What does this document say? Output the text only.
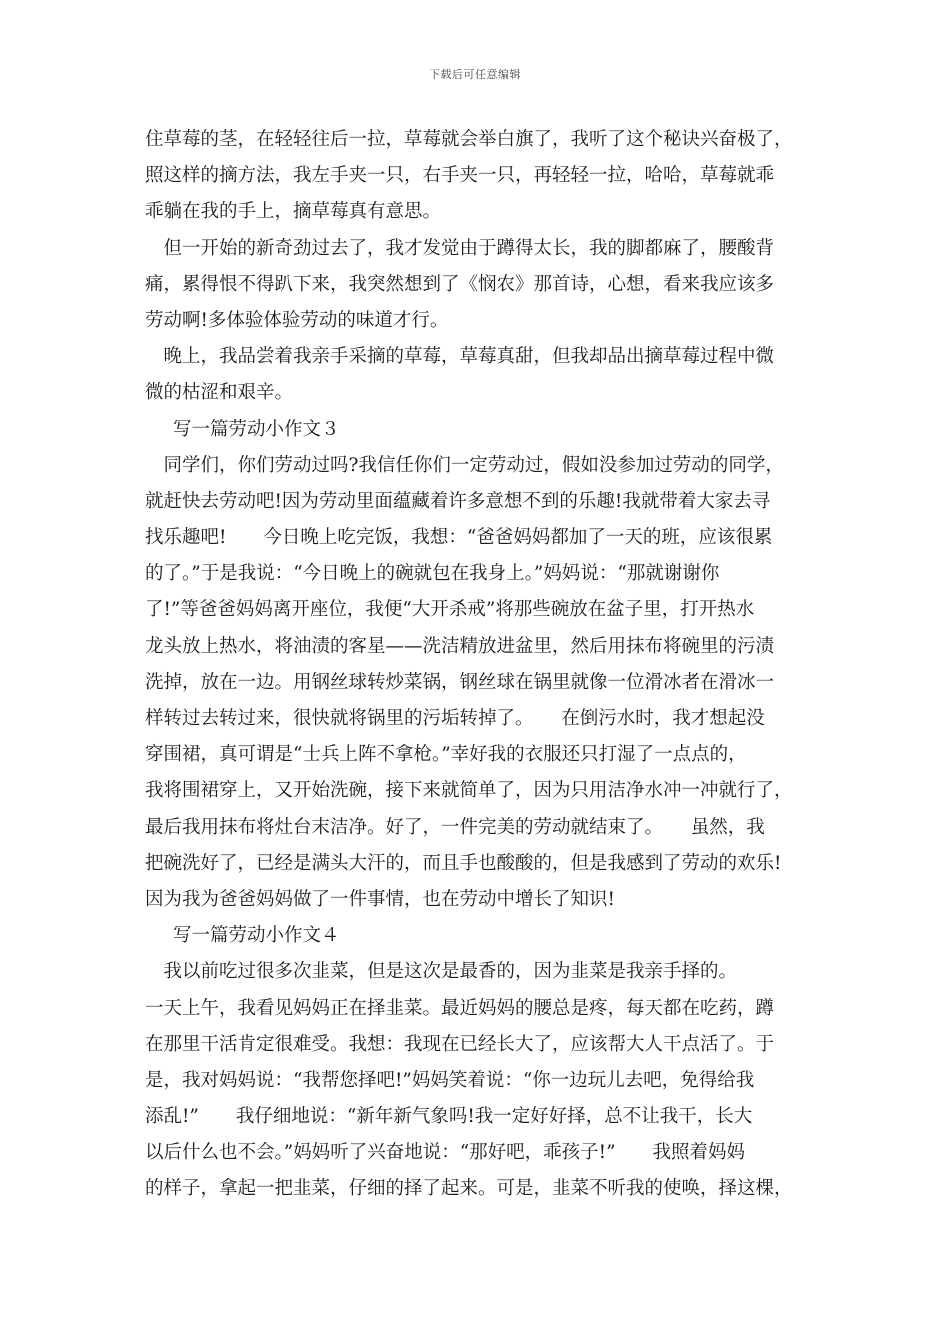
下载后可任意编辑
住草莓的茎，在轻轻往后一拉，草莓就会举白旗了，我听了这个秘诀兴奋极了，
照这样的摘方法，我左手夹一只，右手夹一只，再轻轻一拉，哈哈，草莓就乖
乖躺在我的手上，摘草莓真有意思。
　但一开始的新奇劲过去了，我才发觉由于蹲得太长，我的脚都麻了，腰酸背
痛，累得恨不得趴下来，我突然想到了《悯农》那首诗，心想，看来我应该多
劳动啊!多体验体验劳动的味道才行。
　晚上，我品尝着我亲手采摘的草莓，草莓真甜，但我却品出摘草莓过程中微
微的枯涩和艰辛。
写一篇劳动小作文３
　同学们，你们劳动过吗?我信任你们一定劳动过，假如没参加过劳动的同学，
就赶快去劳动吧!因为劳动里面蕴藏着许多意想不到的乐趣!我就带着大家去寻
找乐趣吧!　　今日晚上吃完饭，我想：“爸爸妈妈都加了一天的班，应该很累
的了。”于是我说：“今日晚上的碗就包在我身上。”妈妈说：“那就谢谢你
了!”等爸爸妈妈离开座位，我便“大开杀戒”将那些碗放在盆子里，打开热水
龙头放上热水，将油渍的客星——洗洁精放进盆里，然后用抹布将碗里的污渍
洗掉，放在一边。用钢丝球转炒菜锅，钢丝球在锅里就像一位滑冰者在滑冰一
样转过去转过来，很快就将锅里的污垢转掉了。　　在倒污水时，我才想起没
穿围裙，真可谓是“士兵上阵不拿枪。”幸好我的衣服还只打湿了一点点的，
我将围裙穿上，又开始洗碗，接下来就简单了，因为只用洁净水冲一冲就行了，
最后我用抹布将灶台末洁净。好了，一件完美的劳动就结束了。　　虽然，我
把碗洗好了，已经是满头大汗的，而且手也酸酸的，但是我感到了劳动的欢乐!
因为我为爸爸妈妈做了一件事情，也在劳动中增长了知识!
写一篇劳动小作文４
　我以前吃过很多次韭菜，但是这次是最香的，因为韭菜是我亲手择的。
一天上午，我看见妈妈正在择韭菜。最近妈妈的腰总是疼，每天都在吃药，蹲
在那里干活肯定很难受。我想：我现在已经长大了，应该帮大人干点活了。于
是，我对妈妈说：“我帮您择吧!”妈妈笑着说：“你一边玩儿去吧，免得给我
添乱!”　　我仔细地说：“新年新气象吗!我一定好好择，总不让我干，长大
以后什么也不会。”妈妈听了兴奋地说：“那好吧，乖孩子!”　　我照着妈妈
的样子，拿起一把韭菜，仔细的择了起来。可是，韭菜不听我的使唤，择这棵，
